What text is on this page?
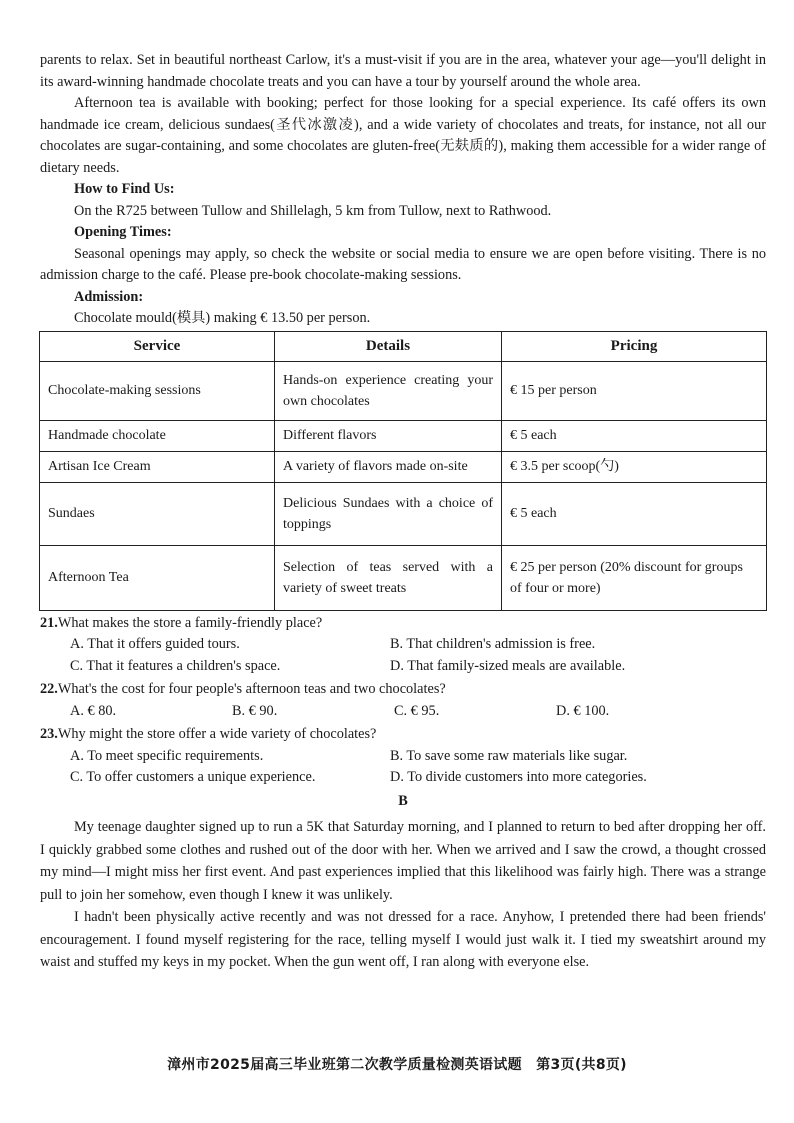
parents to relax. Set in beautiful northeast Carlow, it's a must-visit if you are in the area, whatever your age—you'll delight in its award-winning handmade chocolate treats and you can have a tour by yourself around the whole area.

Afternoon tea is available with booking; perfect for those looking for a special experience. Its café offers its own handmade ice cream, delicious sundaes(圣代冰激凌), and a wide variety of chocolates and treats, for instance, not all our chocolates are sugar-containing, and some chocolates are gluten-free(无麸质的), making them accessible for a wider range of dietary needs.

How to Find Us:

On the R725 between Tullow and Shillelagh, 5 km from Tullow, next to Rathwood.

Opening Times:

Seasonal openings may apply, so check the website or social media to ensure we are open before visiting. There is no admission charge to the café. Please pre-book chocolate-making sessions.

Admission:

Chocolate mould(模具) making € 13.50 per person.

Service	Details	Pricing
Chocolate-making sessions	Hands-on experience creating your own chocolates	€ 15 per person
Handmade chocolate	Different flavors	€ 5 each
Artisan Ice Cream	A variety of flavors made on-site	€ 3.5 per scoop(勺)
Sundaes	Delicious Sundaes with a choice of toppings	€ 5 each
Afternoon Tea	Selection of teas served with a variety of sweet treats	€ 25 per person (20% discount for groups of four or more)

21.What makes the store a family-friendly place?

A. That it offers guided tours.	B. That children's admission is free.
C. That it features a children's space.	D. That family-sized meals are available.

22.What's the cost for four people's afternoon teas and two chocolates?

A. € 80.	B. € 90.	C. € 95.	D. € 100.

23.Why might the store offer a wide variety of chocolates?

A. To meet specific requirements.	B. To save some raw materials like sugar.
C. To offer customers a unique experience.	D. To divide customers into more categories.
B

My teenage daughter signed up to run a 5K that Saturday morning, and I planned to return to bed after dropping her off. I quickly grabbed some clothes and rushed out of the door with her. When we arrived and I saw the crowd, a thought crossed my mind—I might miss her first event. And past experiences implied that this likelihood was fairly high. There was a strange pull to join her somehow, even though I knew it was unlikely.

I hadn't been physically active recently and was not dressed for a race. Anyhow, I pretended there had been friends' encouragement. I found myself registering for the race, telling myself I would just walk it. I tied my sweatshirt around my waist and stuffed my keys in my pocket. When the gun went off, I ran along with everyone else.

漳州市2025届高三毕业班第二次教学质量检测英语试题　第3页(共8页)
